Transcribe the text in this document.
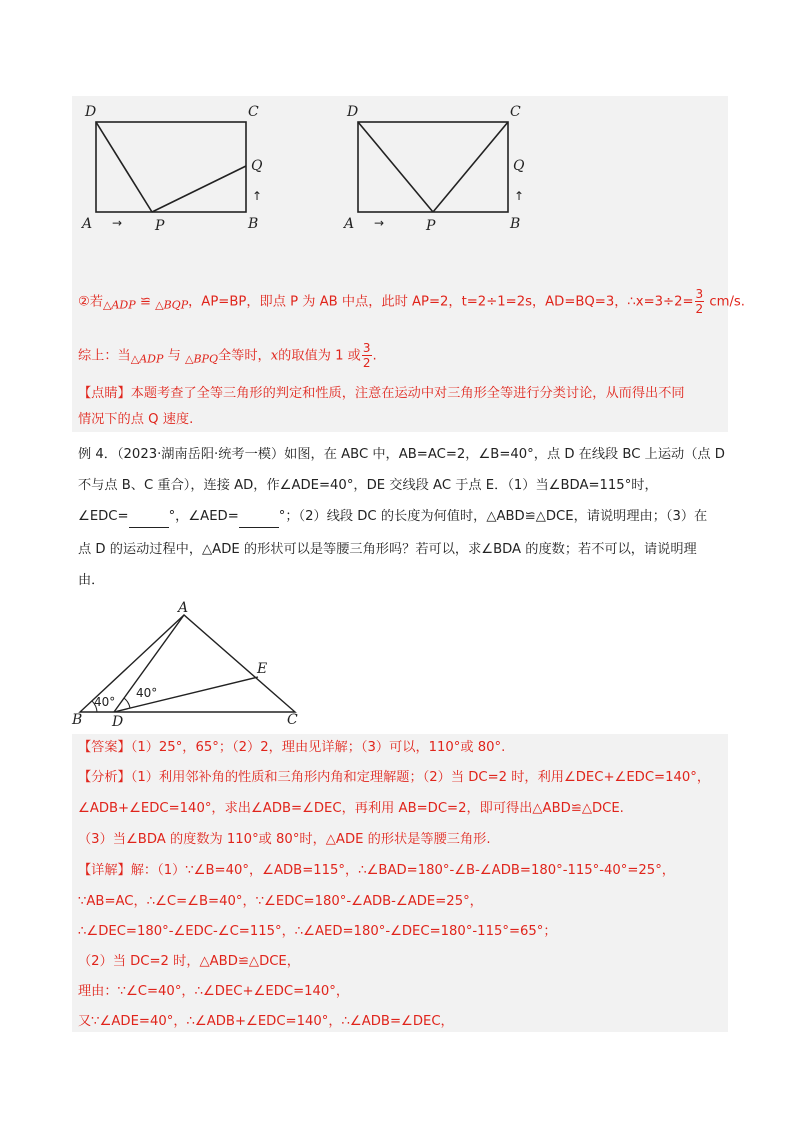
D	C
Q
↑
A → P	B
D	C
Q
↑
A →	P	B
②若$_{\triangle ADP}$ ≌ $_{\triangle BQP}$，AP=BP，即点 P 为 AB 中点，此时 AP=2，t=2÷1=2s，AD=BQ=3，∴x=3÷2= $\frac{3}{2} cm/s$.
综上：当$_{\triangle ADP}$ 与 $_{\triangle BPQ}$全等时，x的取值为 1 或 $\frac{3}{2}$ .
【点睛】本题考查了全等三角形的判定和性质，注意在运动中对三角形全等进行分类讨论，从而得出不同
情况下的点 Q 速度.
例 4．（2023·湖南岳阳·统考一模）如图，在 ABC 中，AB=AC=2，∠B=40°，点 D 在线段 BC 上运动（点 D
不与点 B、C 重合），连接 AD，作∠ADE=40°，DE 交线段 AC 于点 E．（1）当∠BDA=115°时，
∠EDC=	°，∠AED=	°；（2）线段 DC 的长度为何值时，△ABD≌△DCE，请说明理由；（3）在
点 D 的运动过程中，△ADE 的形状可以是等腰三角形吗？若可以，求∠BDA 的度数；若不可以，请说明理
由．
A
E
B D	C
40°
40°
【答案】（1）25°，65°；（2）2，理由见详解；（3）可以，110°或 80°.
【分析】（1）利用邻补角的性质和三角形内角和定理解题；（2）当 DC=2 时，利用∠DEC+∠EDC=140°，
∠ADB+∠EDC=140°，求出∠ADB=∠DEC，再利用 AB=DC=2，即可得出△ABD≌△DCE.
（3）当∠BDA 的度数为 110°或 80°时，△ADE 的形状是等腰三角形.
【详解】解：（1）∵∠B=40°，∠ADB=115°，∴∠BAD=180°-∠B-∠ADB=180°-115°-40°=25°，
∵AB=AC，∴∠C=∠B=40°，∵∠EDC=180°-∠ADB-∠ADE=25°，
∴∠DEC=180°-∠EDC-∠C=115°，∴∠AED=180°-∠DEC=180°-115°=65°；
（2）当 DC=2 时，△ABD≌△DCE，
理由：∵∠C=40°，∴∠DEC+∠EDC=140°，
又∵∠ADE=40°，∴∠ADB+∠EDC=140°，∴∠ADB=∠DEC，
